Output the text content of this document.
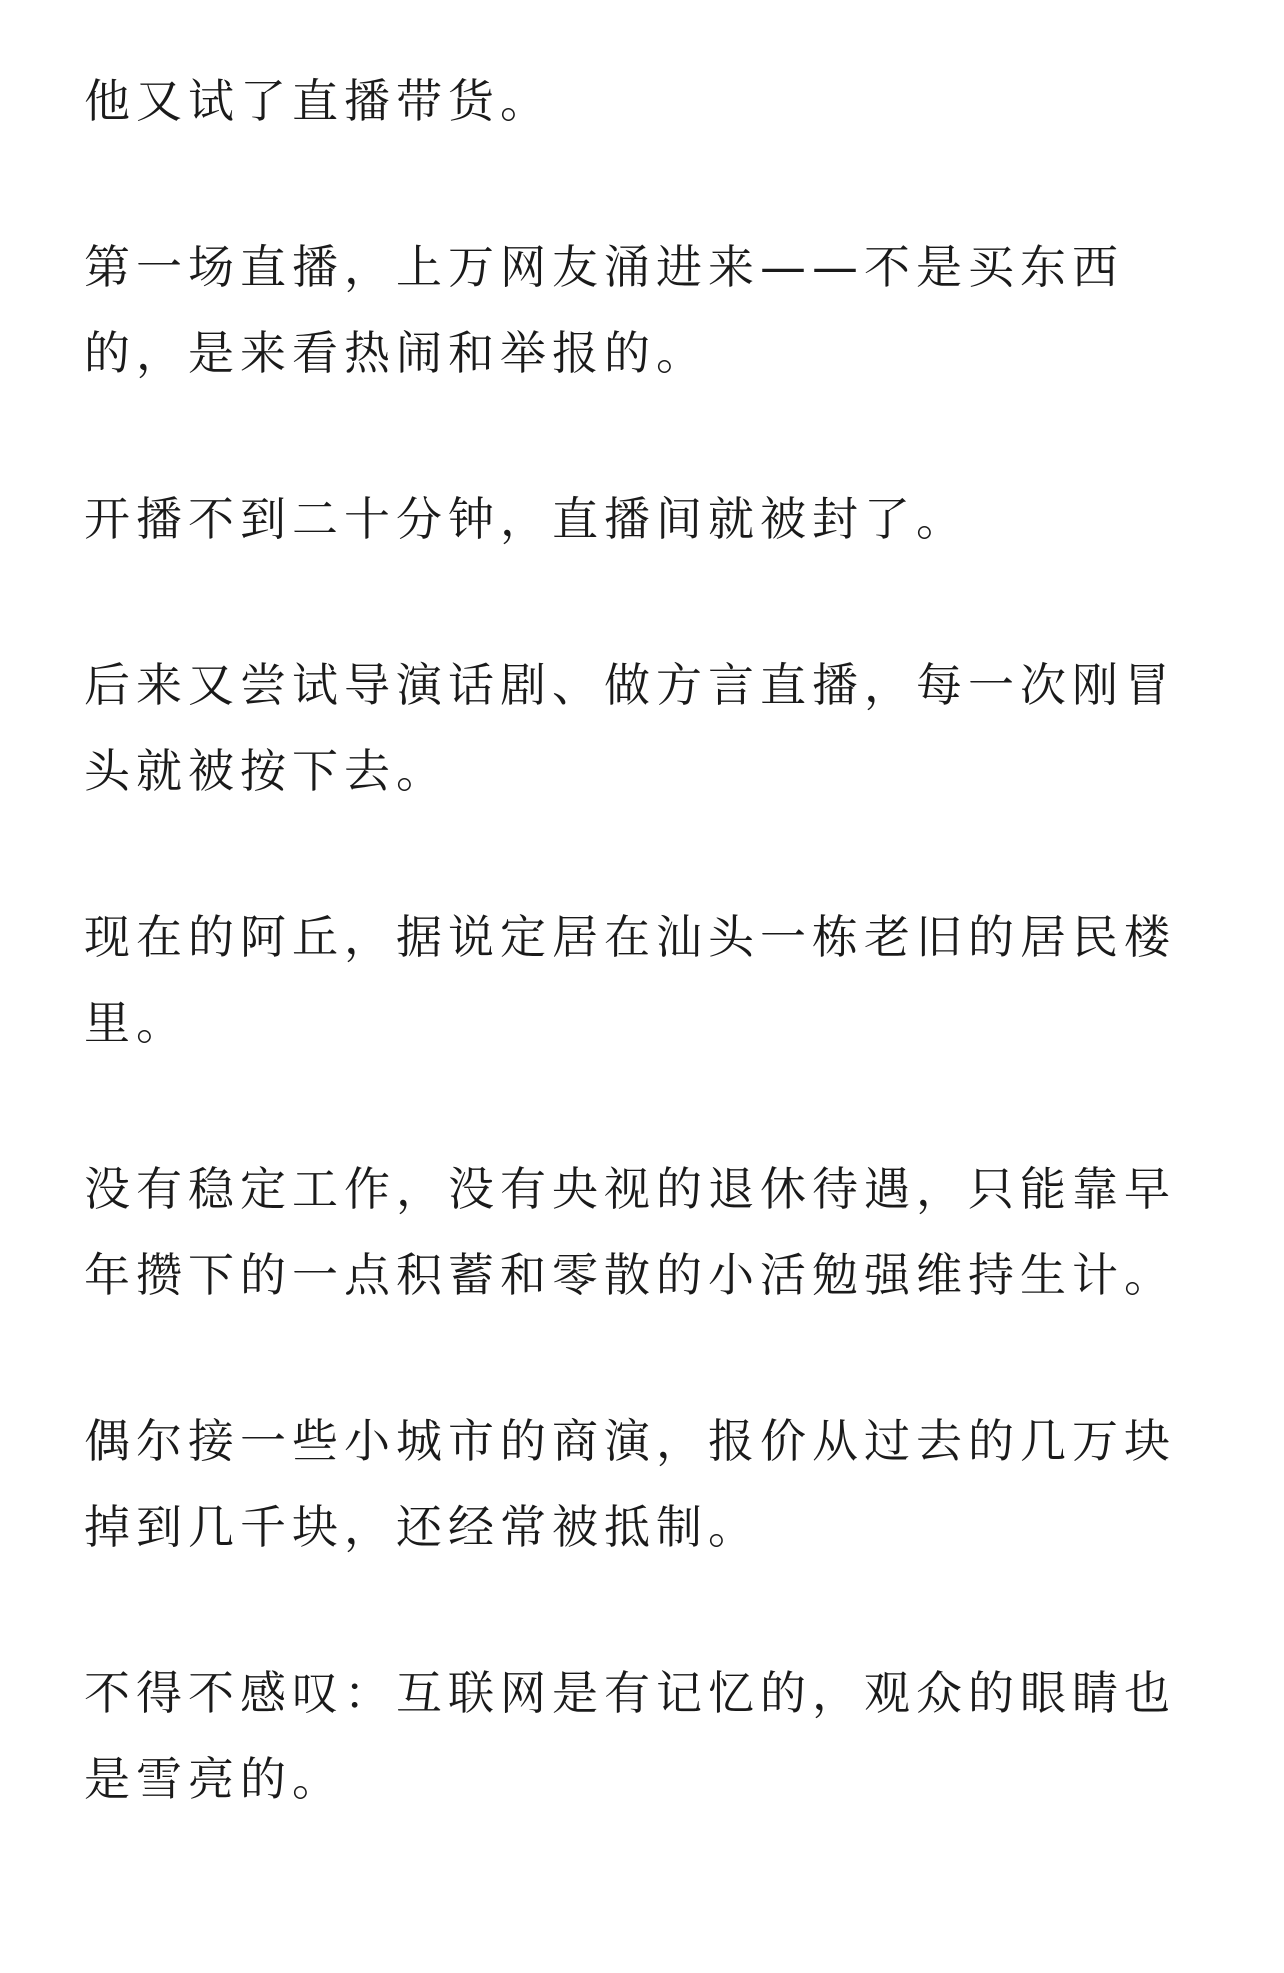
他又试了直播带货。

第一场直播，上万网友涌进来——不是买东西的，是来看热闹和举报的。

开播不到二十分钟，直播间就被封了。

后来又尝试导演话剧、做方言直播，每一次刚冒头就被按下去。

现在的阿丘，据说定居在汕头一栋老旧的居民楼里。

没有稳定工作，没有央视的退休待遇，只能靠早年攒下的一点积蓄和零散的小活勉强维持生计。

偶尔接一些小城市的商演，报价从过去的几万块掉到几千块，还经常被抵制。

不得不感叹：互联网是有记忆的，观众的眼睛也是雪亮的。
